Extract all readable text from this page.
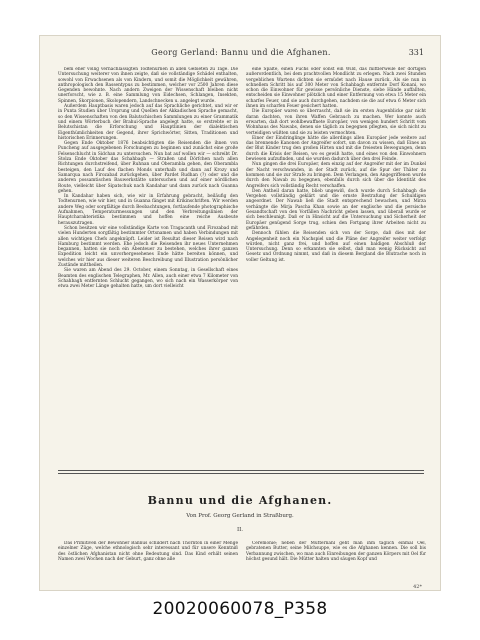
Georg Gerland: Bannu und die Afghanen.	331

bem eher völlig vernachlässigten Todtenurnen in allen Gebieten zu Tage. Die Untersuchung weiterer von ihnen zeigte, daß sie vollständige Schädel enthalten, sowohl von Erwachsenen als von Kindern, und somit die Möglichkeit gewähren, anthropologisch den Rassentypus zu bestimmen, welcher vor 2500 Jahren diese Gegenden bewohnte. Nach andern Zweigen der Wissenschaft bleiben nicht unerforscht, wie z. B. eine Sammlung von Eidechsen, Schlangen, Insekten, Spinnen, Skorpionen, Skolopendern, Landschnecken u. angelegt wurde.

Außerdem Hauptbasis waren jedoch auf das Sprachliche gerichtet, und wir er in Punta Studien über Ursprung und Quellen der Akkadischen Sprache gemacht, so den Wissenschaften von den Balutschischen Sammlungen zu einer Grammatik und einem Wörterbuch der Brahui-Sprache angelegt hatte, so erstrebte er in Belutschistan die Erforschung und Hauptlinien der dialektischen Eigenthümlichkeiten der Gegend, ihrer Sprichwörter, Sitten, Traditionen und historischen Erinnerungen.

Gegen Ende Oktober 1876 beabsichtigten die Reisenden die ihnen von Puncheng auf ausgegebenen Forschungen zu beginnen und zunächst eine große Felsenschlucht in Sidchan zu untersuchen. Nun bat auf wollen wir — schreibt Dr. Stolza Ende Oktober das Schahbagh — Straßen und Dörfchen nach allen Richtungen durchstreifend, über Ruhnan und Oberambla gehen, den Oberambla besteigen, den Lauf des flachen Monds unterhalb und dann auf Krozy und Samarqua nach Firozabad zurückgehen, über Pardet Rudhan (?) oder und die anderen possamtischen Bauwerkstätte untersuchen und auf einer nördlichen Route, vielleicht über Sipatschuk nach Kandahar und dann zurück nach Guanna gehen.

In Kandahar haben sich, wie wir in Erfahrung gebracht, beiläufig den Todtenurnen, wie wir hier, und in Guanna fänget mit Krikinschriften. Wir werden andere Weg oder sorgfältige durch Beobachtungen, fortlaufende photographische Aufnahmen, Temperaturmessungen und den Verbreitungslinien der Hauptcharakteristika bestimmen und hoffen eine reiche Ausbeute herauszutragen.

Schon besitzen wir eine vollständige Karte von Tragacanth und Firozabad mit vielen Hunderten sorgfältig bestimmter Ortsnamen und haben Verbindungen mit allen wichtigen Chefs angeknüpft. Leider ist Resultat dieser Reisen wird nach Hamburg bestimmt werden. Ehe jedoch die Reisenden ihr neues Unternehmen begannen, hatten sie noch ein Abenteuer zu bestehen, welches ihrer ganzen Expedition leicht ein unvorhergesehenes Ende hätte bereiten können, und welches wir hier aus dieser weiteren Beschreibung und Illustration persönlicher Zustände mittheilen.

Sie waren am Abend des 29. October, einem Sonntag, in Gesellschaft eines Beamten des englischen Telegraphen, Mr. Allen, auch einer etwa 7 Kilometer von Schahbagh entfernten Schlucht gegangen, wo sich nach ein Wasserkörper von etwa zwei Meter Länge gehalten hatte, um dort vielleicht

eine Spalte, einen Fuchs oder sonst ein Wild, das mittlerweile der dortigen außerordentlich, bei dem prachtvollen Mondlicht zu erlegen. Nach zwei Stunden vergeblichen Wartens dichten sie ermüdet nach Hause zurück. Als sie nun in schnellem Schritt bis auf 300 Meter von Schahbagh entfernte Dorf Konani, wo schon die Einwohner für gewisse persönliche Dienste, siebe Hände auffallten, entscheiden sie Einwohner plötzlich und einer Entfernung von etwa 15 Meter ein scharfes Feuer, und sie auch durchgehen, nachdem sie die auf etwa 6 Meter sich ihnen im scharfen Feuer gesichert hatten.

Die Europäer waren so überrascht, daß sie im ersten Augenblicke gar nicht daran dachten, von ihren Waffen Gebrauch zu machen. Wer konnte auch erwarten, daß dort wohlbewaffnete Europäer, von wenigen hundert Schritt vom Wohnhaus des Nawabs, denen sie täglich zu begegnen pflegten, sie sich nicht zu verteidigen wüßten und sie zu leisten vermochten.

Einer der Eindringlinge hätte die allerdings allen Europäer jede weitere auf das brennende Kanonen der Angreifer sofort, um davon zu wissen, daß Eines an der Blut Kinder trug den großen Hirten und mit die freiesten Bewegungen, denn durch die Krisis der Reisen, wo es gewiß hatte, und eines von den Einwohnern bewiesen aufzufinden, und sie wurden dadurch über den drei Feinde.

Nun gingen die drei Europäer, dem einzig auf der Angreifer mit der im Dunkel der Nacht verschwanden, in der Stadt zurück, auf die Spur der Thäter zu kommen und sie zur Strafe zu bringen. Dem Verlangen, den Angegriffenen wurde durch den Nawab zu begegnen, ebenfalls durch sich über die Identität des Angreifers sich vollständig Recht verschaffen.

Den Antheil daran hatte, blieb ungewiß, doch wurde durch Schahbagh die Vergehen vollständig geklärt und die ernste Bestrafung der Schuldigen angeordnet. Der Nawab ließ die Stadt entsprechend bewachen, und Mirza verhängte die Mirja Pascha Khan sowie an der englische und die persische Gesandtschaft von den Vorfällen Nachricht geben lassen, und überall wurde er sich beschleunigt. Daß er in Hinsicht auf die Untersuchung und Sicherheit der Europäer genügend Sorge trug, schien den Fortgang ihrer Arbeiten nicht zu gefährden.

Dennoch fühlen die Reisenden sich von der Sorge, daß dies mit der Angelegenheit noch ein Nachspiel und die Pläne der Angreifer weiter verfolgt würden, nicht ganz frei, und hoffen auf einen baldigen Abschluß der Untersuchung. Denn so erkannten sie selbst, daß man wenig Rücksicht auf Gesetz und Ordnung nimmt, und daß in diesem Bergland die Blutrache noch in voller Geltung ist.

Bannu und die Afghanen.
Von Prof. Georg Gerland in Straßburg.
II.

Das Primitiven der Bewohner Bannus schildert nach Thornton in einer Menge einzelner Züge, welche ethnologisch sehr interessant und für unsere Kenntniß des östlichen Afghanistan nicht ohne Bedeutung sind. Das Kind erhält seinen Namen zwei Wochen nach der Geburt, ganz ohne alle

Ceremonie; neben der Mutternahl geht man ihm täglich einmal Oel, gebratenen Butter, seine Milchsuppe, wie es die Afghanen kennen. Die soll bis Verbannung zwischen, wo man auch Einreibungen der ganzen Körpers mit Oel für höchst gesund hält. Die Mütter halten und säugen Kopf und

42*
20020060078_P358
